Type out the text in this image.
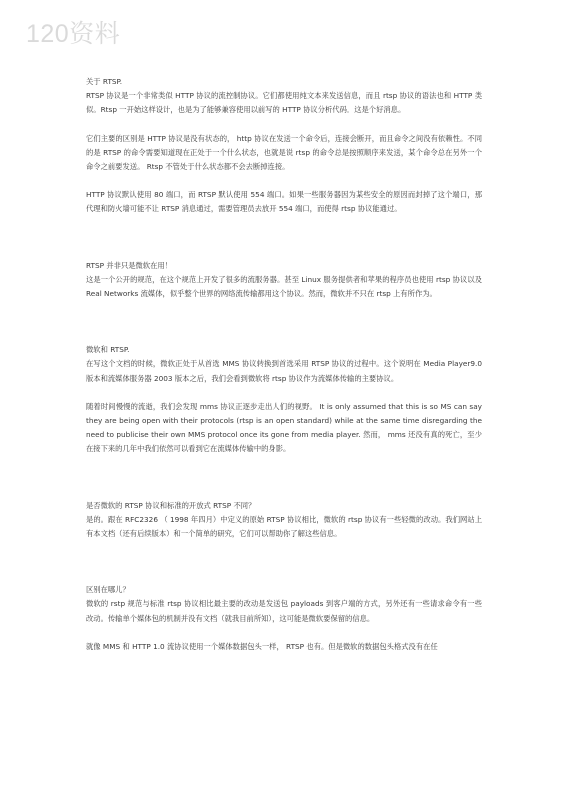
120资料

关于 RTSP.

RTSP 协议是一个非常类似 HTTP 协议的流控制协议。它们都使用纯文本来发送信息，而且 rtsp 协议的语法也和 HTTP 类似。Rtsp 一开始这样设计，也是为了能够兼容使用以前写的 HTTP 协议分析代码．这是个好消息。

它们主要的区别是 HTTP 协议是没有状态的， http 协议在发送一个命令后，连接会断开，而且命令之间没有依赖性。不同的是 RTSP 的命令需要知道现在正处于一个什么状态，也就是说 rtsp 的命令总是按照顺序来发送，某个命令总在另外一个命令之前要发送。 Rtsp 不管处于什么状态都不会去断掉连接。

HTTP 协议默认使用 80 端口，而 RTSP 默认使用 554 端口。如果一些服务器因为某些安全的原因而封掉了这个端口，那代理和防火墙可能不让 RTSP 消息通过，需要管理员去放开 554 端口，而使得 rtsp 协议能通过。

RTSP 并非只是微软在用！

这是一个公开的规范，在这个规范上开发了很多的流服务器。甚至 Linux 服务提供者和苹果的程序员也使用 rtsp 协议以及 Real Networks 流媒体，似乎整个世界的网络流传输都用这个协议。然而，微软并不只在 rtsp 上有所作为。

微软和 RTSP.

在写这个文档的时候，微软正处于从首选 MMS 协议转换到首选采用 RTSP 协议的过程中。这个说明在 Media Player9.0 版本和流媒体服务器 2003 版本之后，我们会看到微软将 rtsp 协议作为流媒体传输的主要协议。

随着时间慢慢的流逝，我们会发现 mms 协议正逐步走出人们的视野。 It is only assumed that this is so MS can say they are being open with their protocols (rtsp is an open standard) while at the same time disregarding the need to publicise their own MMS protocol once its gone from media player. 然而， mms 还没有真的死亡，至少在接下来的几年中我们依然可以看到它在流媒体传输中的身影。

是否微软的 RTSP 协议和标准的开放式 RTSP 不同？

是的。跟在 RFC2326 （ 1998 年四月）中定义的原始 RTSP 协议相比，微软的 rtsp 协议有一些轻微的改动。我们网站上有本文档（还有后续版本）和一个简单的研究，它们可以帮助你了解这些信息。

区别在哪儿？

微软的 rstp 规范与标准 rtsp 协议相比最主要的改动是发送包 payloads 到客户端的方式，另外还有一些请求命令有一些改动。传输单个媒体包的机制并没有文档（就我目前所知），这可能是微软要保留的信息。

就像 MMS 和 HTTP 1.0 流协议使用一个媒体数据包头一样， RTSP 也有。但是微软的数据包头格式没有在任
